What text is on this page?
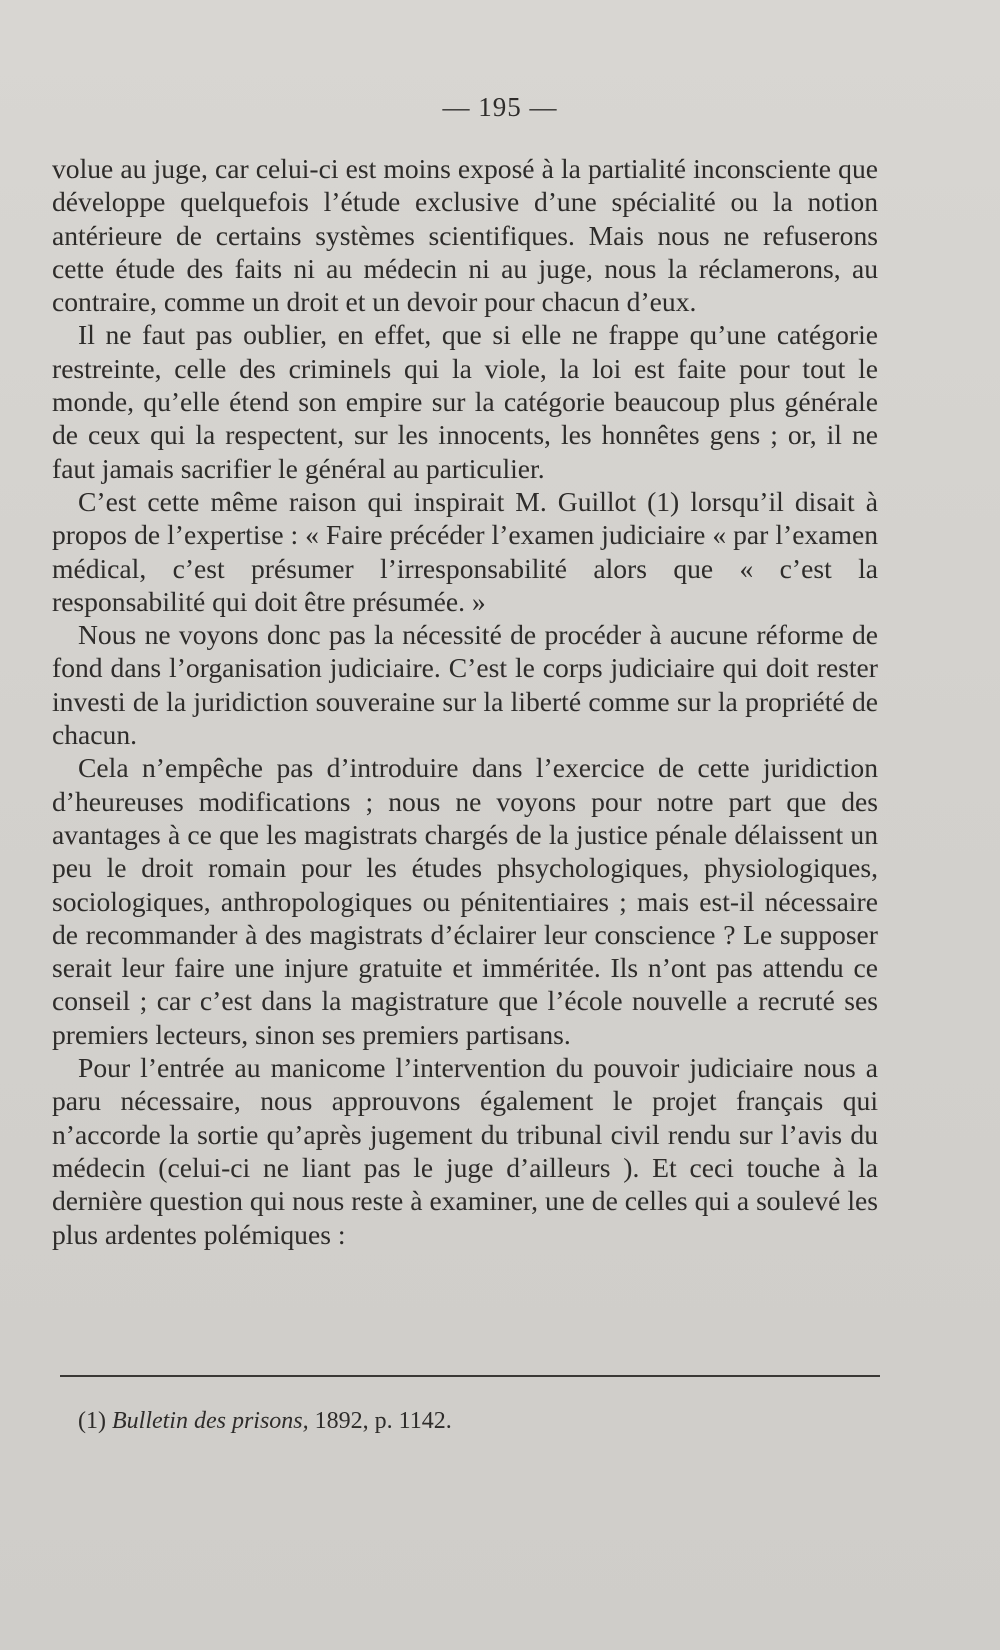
— 195 —

volue au juge, car celui-ci est moins exposé à la partialité inconsciente que développe quelquefois l’étude exclusive d’une spécialité ou la notion antérieure de certains systèmes scientifiques. Mais nous ne refuserons cette étude des faits ni au médecin ni au juge, nous la réclamerons, au contraire, comme un droit et un devoir pour chacun d’eux.

Il ne faut pas oublier, en effet, que si elle ne frappe qu’une catégorie restreinte, celle des criminels qui la viole, la loi est faite pour tout le monde, qu’elle étend son empire sur la catégorie beaucoup plus générale de ceux qui la respectent, sur les innocents, les honnêtes gens ; or, il ne faut jamais sacrifier le général au particulier.

C’est cette même raison qui inspirait M. Guillot (1) lorsqu’il disait à propos de l’expertise : « Faire précéder l’examen judiciaire « par l’examen médical, c’est présumer l’irresponsabilité alors que « c’est la responsabilité qui doit être présumée. »

Nous ne voyons donc pas la nécessité de procéder à aucune réforme de fond dans l’organisation judiciaire. C’est le corps judiciaire qui doit rester investi de la juridiction souveraine sur la liberté comme sur la propriété de chacun.

Cela n’empêche pas d’introduire dans l’exercice de cette juridiction d’heureuses modifications ; nous ne voyons pour notre part que des avantages à ce que les magistrats chargés de la justice pénale délaissent un peu le droit romain pour les études phsychologiques, physiologiques, sociologiques, anthropologiques ou pénitentiaires ; mais est-il nécessaire de recommander à des magistrats d’éclairer leur conscience ? Le supposer serait leur faire une injure gratuite et imméritée. Ils n’ont pas attendu ce conseil ; car c’est dans la magistrature que l’école nouvelle a recruté ses premiers lecteurs, sinon ses premiers partisans.

Pour l’entrée au manicome l’intervention du pouvoir judiciaire nous a paru nécessaire, nous approuvons également le projet français qui n’accorde la sortie qu’après jugement du tribunal civil rendu sur l’avis du médecin (celui-ci ne liant pas le juge d’ailleurs ). Et ceci touche à la dernière question qui nous reste à examiner, une de celles qui a soulevé les plus ardentes polémiques :

(1) Bulletin des prisons, 1892, p. 1142.
